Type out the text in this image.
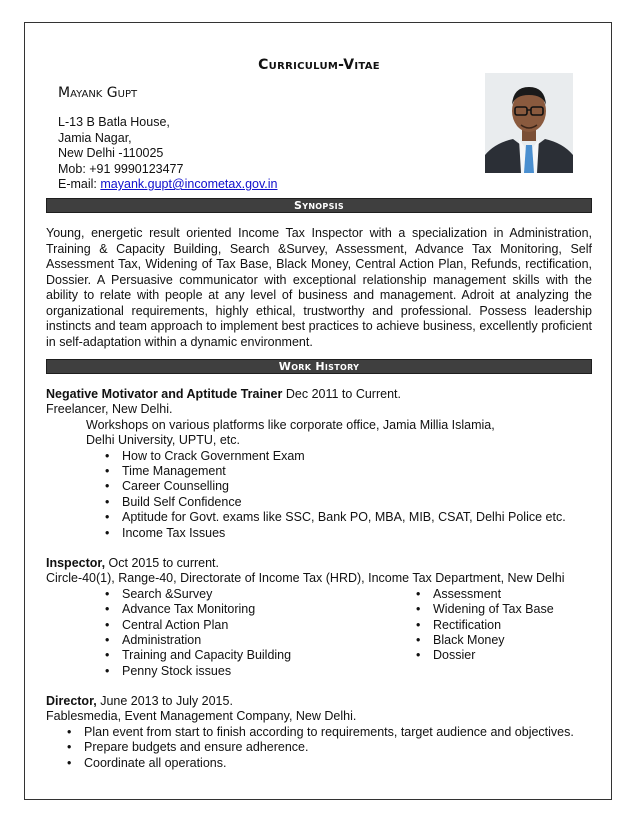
Curriculum-Vitae
Mayank Gupt
L-13 B Batla House,
Jamia Nagar,
New Delhi -110025
Mob: +91 9990123477
E-mail: mayank.gupt@incometax.gov.in
Synopsis
Young, energetic result oriented Income Tax Inspector with a specialization in Administration, Training & Capacity Building, Search &Survey, Assessment, Advance Tax Monitoring, Self Assessment Tax, Widening of Tax Base, Black Money, Central Action Plan, Refunds, rectification, Dossier. A Persuasive communicator with exceptional relationship management skills with the ability to relate with people at any level of business and management. Adroit at analyzing the organizational requirements, highly ethical, trustworthy and professional. Possess leadership instincts and team approach to implement best practices to achieve business, excellently proficient in self-adaptation within a dynamic environment.
Work History
Negative Motivator and Aptitude Trainer Dec 2011 to Current.
Freelancer, New Delhi.
Workshops on various platforms like corporate office, Jamia Millia Islamia,
Delhi University, UPTU, etc.
• How to Crack Government Exam
• Time Management
• Career Counselling
• Build Self Confidence
• Aptitude for Govt. exams like SSC, Bank PO, MBA, MIB, CSAT, Delhi Police etc.
• Income Tax Issues
Inspector, Oct 2015 to current.
Circle-40(1), Range-40, Directorate of Income Tax (HRD), Income Tax Department, New Delhi
• Search &Survey
• Advance Tax Monitoring
• Central Action Plan
• Administration
• Training and Capacity Building
• Penny Stock issues
• Assessment
• Widening of Tax Base
• Rectification
• Black Money
• Dossier
Director, June 2013 to July 2015.
Fablesmedia, Event Management Company, New Delhi.
• Plan event from start to finish according to requirements, target audience and objectives.
• Prepare budgets and ensure adherence.
• Coordinate all operations.
